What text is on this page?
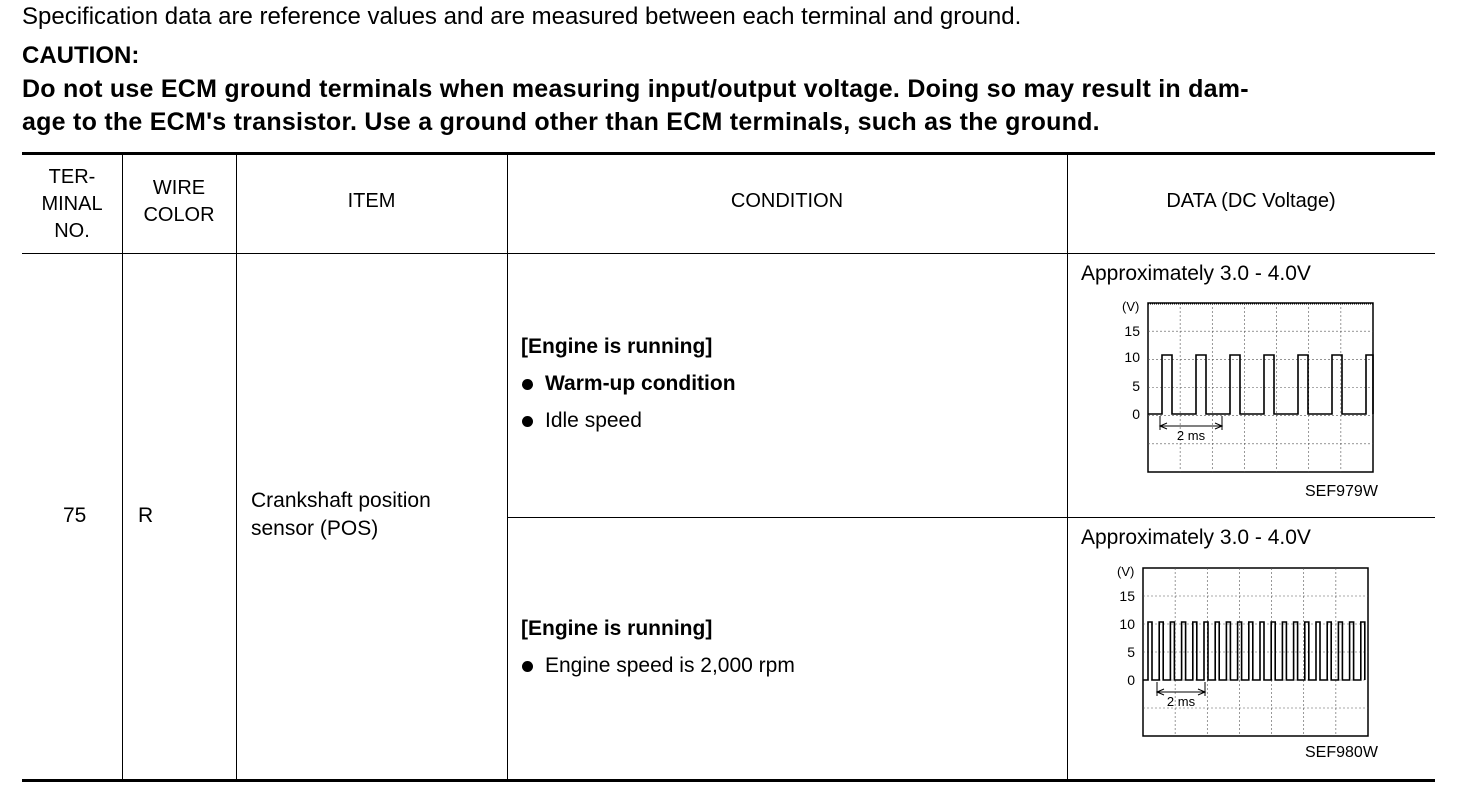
Specification data are reference values and are measured between each terminal and ground.
CAUTION:
Do not use ECM ground terminals when measuring input/output voltage. Doing so may result in dam-
age to the ECM's transistor. Use a ground other than ECM terminals, such as the ground.
TER-
MINAL
NO.
WIRE
COLOR
ITEM	CONDITION	DATA (DC Voltage)
75 R
Crankshaft position
sensor (POS)
[Engine is running]
Warm-up condition
Idle speed
[Engine is running]
Engine speed is 2,000 rpm
Approximately 3.0 - 4.0V
(V)
15
10
5
0
2 ms
SEF979W
Approximately 3.0 - 4.0V
(V)
15
10
5
0
2 ms
SEF980W
